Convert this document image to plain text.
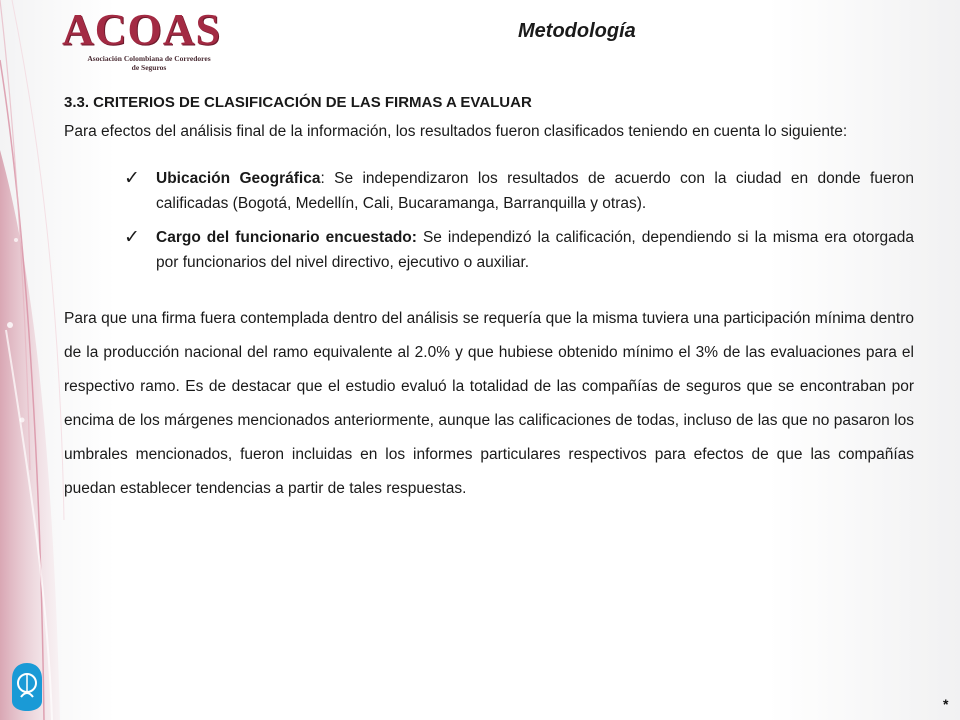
ACOAS
Asociación Colombiana de Corredores de Seguros
Metodología
3.3. CRITERIOS DE CLASIFICACIÓN DE LAS FIRMAS A EVALUAR

Para efectos del análisis final de la información, los resultados fueron clasificados teniendo en cuenta lo siguiente:

✓ Ubicación Geográfica: Se independizaron los resultados de acuerdo con la ciudad en donde fueron calificadas (Bogotá, Medellín, Cali, Bucaramanga, Barranquilla y otras).
✓ Cargo del funcionario encuestado: Se independizó la calificación, dependiendo si la misma era otorgada por funcionarios del nivel directivo, ejecutivo o auxiliar.

Para que una firma fuera contemplada dentro del análisis se requería que la misma tuviera una participación mínima dentro de la producción nacional del ramo equivalente al 2.0% y que hubiese obtenido mínimo el 3% de las evaluaciones para el respectivo ramo. Es de destacar que el estudio evaluó la totalidad de las compañías de seguros que se encontraban por encima de los márgenes mencionados anteriormente, aunque las calificaciones de todas, incluso de las que no pasaron los umbrales mencionados, fueron incluidas en los informes particulares respectivos para efectos de que las compañías puedan establecer tendencias a partir de tales respuestas.

*
